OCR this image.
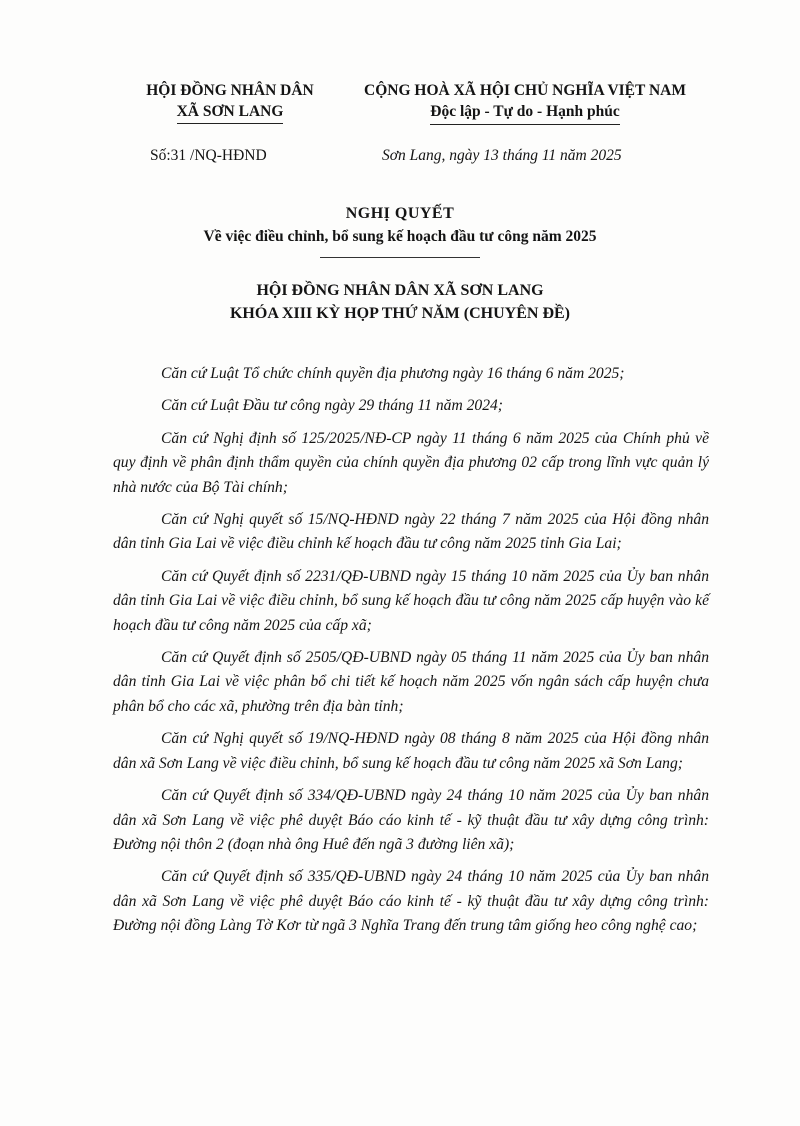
HỘI ĐỒNG NHÂN DÂN
XÃ SƠN LANG
CỘNG HOÀ XÃ HỘI CHỦ NGHĨA VIỆT NAM
Độc lập - Tự do - Hạnh phúc
Số:31 /NQ-HĐND	Sơn Lang, ngày 13 tháng 11 năm 2025
NGHỊ QUYẾT
Về việc điều chỉnh, bổ sung kế hoạch đầu tư công năm 2025
HỘI ĐỒNG NHÂN DÂN XÃ SƠN LANG
KHÓA XIII KỲ HỌP THỨ NĂM (CHUYÊN ĐỀ)

Căn cứ Luật Tổ chức chính quyền địa phương ngày 16 tháng 6 năm 2025;

Căn cứ Luật Đầu tư công ngày 29 tháng 11 năm 2024;

Căn cứ Nghị định số 125/2025/NĐ-CP ngày 11 tháng 6 năm 2025 của Chính phủ về quy định về phân định thẩm quyền của chính quyền địa phương 02 cấp trong lĩnh vực quản lý nhà nước của Bộ Tài chính;

Căn cứ Nghị quyết số 15/NQ-HĐND ngày 22 tháng 7 năm 2025 của Hội đồng nhân dân tỉnh Gia Lai về việc điều chỉnh kế hoạch đầu tư công năm 2025 tỉnh Gia Lai;

Căn cứ Quyết định số 2231/QĐ-UBND ngày 15 tháng 10 năm 2025 của Ủy ban nhân dân tỉnh Gia Lai về việc điều chỉnh, bổ sung kế hoạch đầu tư công năm 2025 cấp huyện vào kế hoạch đầu tư công năm 2025 của cấp xã;

Căn cứ Quyết định số 2505/QĐ-UBND ngày 05 tháng 11 năm 2025 của Ủy ban nhân dân tỉnh Gia Lai về việc phân bổ chi tiết kế hoạch năm 2025 vốn ngân sách cấp huyện chưa phân bổ cho các xã, phường trên địa bàn tỉnh;

Căn cứ Nghị quyết số 19/NQ-HĐND ngày 08 tháng 8 năm 2025 của Hội đồng nhân dân xã Sơn Lang về việc điều chỉnh, bổ sung kế hoạch đầu tư công năm 2025 xã Sơn Lang;

Căn cứ Quyết định số 334/QĐ-UBND ngày 24 tháng 10 năm 2025 của Ủy ban nhân dân xã Sơn Lang về việc phê duyệt Báo cáo kinh tế - kỹ thuật đầu tư xây dựng công trình: Đường nội thôn 2 (đoạn nhà ông Huê đến ngã 3 đường liên xã);

Căn cứ Quyết định số 335/QĐ-UBND ngày 24 tháng 10 năm 2025 của Ủy ban nhân dân xã Sơn Lang về việc phê duyệt Báo cáo kinh tế - kỹ thuật đầu tư xây dựng công trình: Đường nội đồng Làng Tờ Kơr từ ngã 3 Nghĩa Trang đến trung tâm giống heo công nghệ cao;
